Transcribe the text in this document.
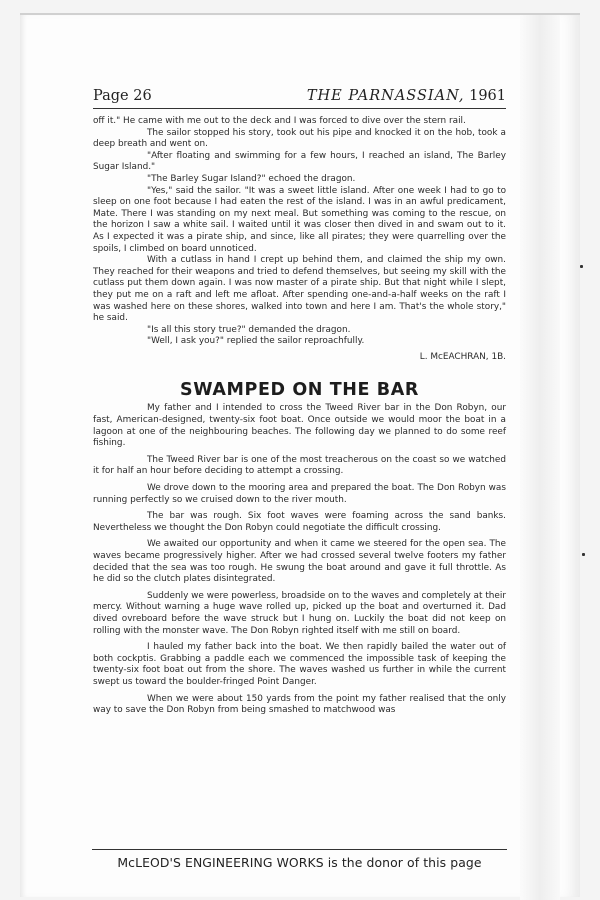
Page 26	THE PARNASSIAN, 1961

off it." He came with me out to the deck and I was forced to dive over the stern rail.

The sailor stopped his story, took out his pipe and knocked it on the hob, took a deep breath and went on.

"After floating and swimming for a few hours, I reached an island, The Barley Sugar Island."

"The Barley Sugar Island?" echoed the dragon.

"Yes," said the sailor. "It was a sweet little island. After one week I had to go to sleep on one foot because I had eaten the rest of the island. I was in an awful predicament, Mate. There I was standing on my next meal. But something was coming to the rescue, on the horizon I saw a white sail. I waited until it was closer then dived in and swam out to it. As I expected it was a pirate ship, and since, like all pirates; they were quarrelling over the spoils, I climbed on board unnoticed.

With a cutlass in hand I crept up behind them, and claimed the ship my own. They reached for their weapons and tried to defend themselves, but seeing my skill with the cutlass put them down again. I was now master of a pirate ship. But that night while I slept, they put me on a raft and left me afloat. After spending one-and-a-half weeks on the raft I was washed here on these shores, walked into town and here I am. That's the whole story," he said.

"Is all this story true?" demanded the dragon.

"Well, I ask you?" replied the sailor reproachfully.

L. McEACHRAN, 1B.

SWAMPED ON THE BAR

My father and I intended to cross the Tweed River bar in the Don Robyn, our fast, American-designed, twenty-six foot boat. Once outside we would moor the boat in a lagoon at one of the neighbouring beaches. The following day we planned to do some reef fishing.

The Tweed River bar is one of the most treacherous on the coast so we watched it for half an hour before deciding to attempt a crossing.

We drove down to the mooring area and prepared the boat. The Don Robyn was running perfectly so we cruised down to the river mouth.

The bar was rough. Six foot waves were foaming across the sand banks. Nevertheless we thought the Don Robyn could negotiate the difficult crossing.

We awaited our opportunity and when it came we steered for the open sea. The waves became progressively higher. After we had crossed several twelve footers my father decided that the sea was too rough. He swung the boat around and gave it full throttle. As he did so the clutch plates disintegrated.

Suddenly we were powerless, broadside on to the waves and completely at their mercy. Without warning a huge wave rolled up, picked up the boat and overturned it. Dad dived ovreboard before the wave struck but I hung on. Luckily the boat did not keep on rolling with the monster wave. The Don Robyn righted itself with me still on board.

I hauled my father back into the boat. We then rapidly bailed the water out of both cockptis. Grabbing a paddle each we commenced the impossible task of keeping the twenty-six foot boat out from the shore. The waves washed us further in while the current swept us toward the boulder-fringed Point Danger.

When we were about 150 yards from the point my father realised that the only way to save the Don Robyn from being smashed to matchwood was

McLEOD'S ENGINEERING WORKS is the donor of this page
